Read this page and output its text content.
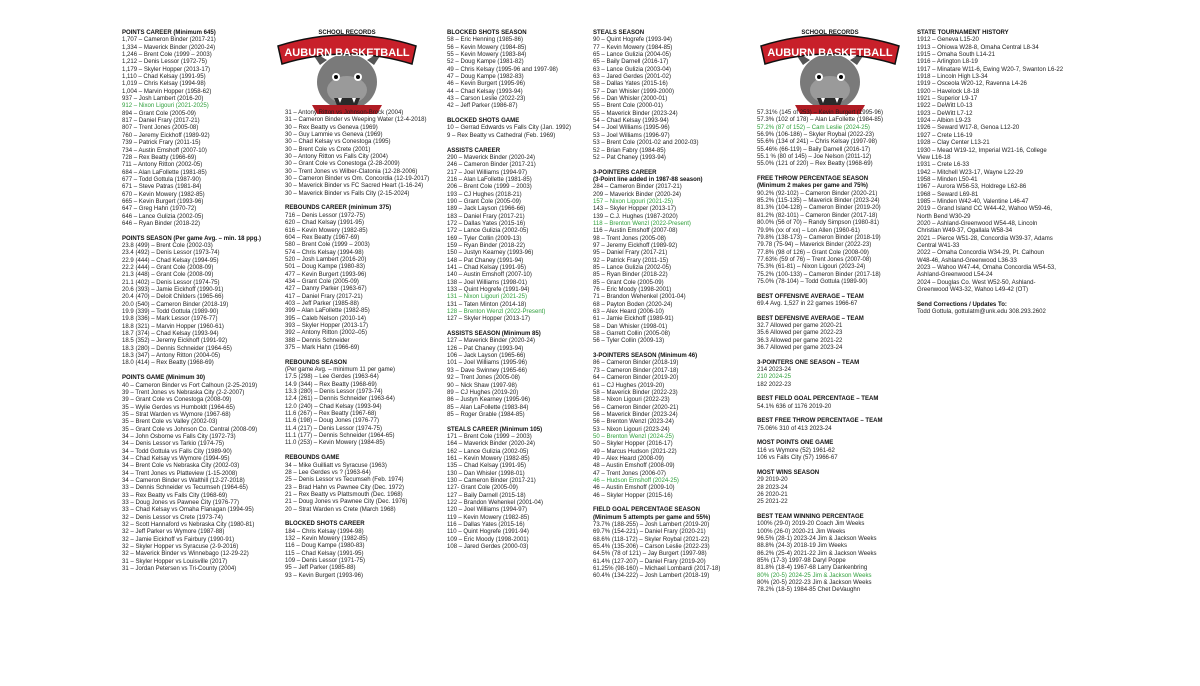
SCHOOL RECORDS
AUBURN BASKETBALL
SCHOOL RECORDS
AUBURN BASKETBALL
POINTS CAREER (Minimum 645)
1,707 – Cameron Binder (2017-21)
1,334 – Maverick Binder (2020-24)
1,246 – Brent Cole (1999 – 2003)
1,212 – Denis Lessor (1972-75)
1,179 – Skyler Hopper (2013-17)
1,110 – Chad Kelsay (1991-95)
1,019 – Chris Kelsay (1994-98)
1,004 – Marvin Hopper (1958-62)
937 – Josh Lambert (2016-20)
912 – Nixon Ligouri (2021-2025)
894 – Grant Cole (2005-09)
817 – Daniel Frary (2017-21)
807 – Trent Jones (2005-08)
760 – Jeremy Eickhoff (1989-92)
739 – Patrick Frary (2011-15)
734 – Austin Emshoff (2007-10)
728 – Rex Beatty (1966-69)
711 – Antony Ritton (2002-05)
684 – Alan LaFollette (1981-85)
677 – Todd Gottula (1987-90)
671 – Steve Patras (1981-84)
670 – Kevin Mowery (1982-85)
665 – Kevin Burgert (1993-96)
647 – Greg Hahn (1970-72)
646 – Lance Gulizia (2002-05)
646 – Ryan Binder (2018-22)
POINTS SEASON (Per game Avg. – min. 18 ppg.)
23.8 (499) – Brent Cole (2002-03)
23.4 (492) – Denis Lessor (1973-74)
22.9 (444) – Chad Kelsay (1994-95)
22.2 (444) – Grant Cole (2008-09)
21.3 (448) – Grant Cole (2008-09)
21.1 (402) – Denis Lessor (1974-75)
20.6 (393) – Jamie Eickhoff (1990-91)
20.4 (470) – Deloit Childers (1965-66)
20.0 (540) – Cameron Binder (2018-19)
19.9 (339) – Todd Gottula (1989-90)
19.8 (336) – Mark Lessor (1976-77)
18.8 (321) – Marvin Hopper (1960-61)
18.7 (374) – Chad Kelsay (1993-94)
18.5 (352) – Jeremy Eickhoff (1991-92)
18.3 (280) – Dennis Schneider (1964-65)
18.3 (347) – Antony Ritton (2004-05)
18.0 (414) – Rex Beatty (1968-69)
POINTS GAME (Minimum 30)
40 – Cameron Binder vs Fort Calhoun (2-25-2019)
39 – Trent Jones vs Nebraska City (2-2-2007)
39 – Grant Cole vs Conestoga (2008-09)
35 – Wylie Gerdes vs Humboldt (1964-65)
35 – Strat Warden vs Wymore (1967-68)
35 – Brent Cole vs Valley (2002-03)
35 – Grant Cole vs Johnson Co. Central (2008-09)
34 – John Osborne vs Falls City (1972-73)
34 – Denis Lessor vs Tarkio (1974-75)
34 – Todd Gottula vs Falls City (1989-90)
34 – Chad Kelsay vs Wymore (1994-95)
34 – Brent Cole vs Nebraska City (2002-03)
34 – Trent Jones vs Platteview (1-15-2008)
34 – Cameron Binder vs Walthill (12-27-2018)
33 – Dennis Schneider vs Tecumseh (1964-65)
33 – Rex Beatty vs Falls City (1968-69)
33 – Doug Jones vs Pawnee City (1976-77)
33 – Chad Kelsay vs Omaha Flanagan (1994-95)
32 – Denis Lessor vs Crete (1973-74)
32 – Scott Hannaford vs Nebraska City (1980-81)
32 – Jeff Parker vs Wymore (1987-88)
32 – Jamie Eickhoff vs Fairbury (1990-91)
32 – Skyler Hopper vs Syracuse (2-9-2016)
32 – Maverick Binder vs Winnebago (12-29-22)
31 – Skyler Hopper vs Louisville (2017)
31 – Jordan Petersen vs Tri-County (2004)
31 – Antony Ritton vs Johnson-Brock (2004)
31 – Cameron Binder vs Weeping Water (12-4-2018)
30 – Rex Beatty vs Geneva (1969)
30 – Guy Lammie vs Geneva (1969)
30 – Chad Kelsay vs Conestoga (1995)
30 – Brent Cole vs Crete (2001)
30 – Antony Ritton vs Falls City (2004)
30 – Grant Cole vs Conestoga (2-28-2009)
30 – Trent Jones vs Wilber-Clatonia (12-28-2006)
30 – Cameron Binder vs Om. Concordia (12-19-2017)
30 – Maverick Binder vs FC Sacred Heart (1-16-24)
30 – Maverick Binder vs Falls City (2-15-2024)
REBOUNDS CAREER (minimum 375)
716 – Denis Lessor (1972-75)
620 – Chad Kelsay (1991-95)
616 – Kevin Mowery (1982-85)
604 – Rex Beatty (1967-69)
580 – Brent Cole (1999 – 2003)
574 – Chris Kelsay (1994-98)
520 – Josh Lambert (2016-20)
501 – Doug Kampe (1980-83)
477 – Kevin Burgert (1993-96)
434 – Grant Cole (2005-09)
427 – Danny Parker (1963-67)
417 – Daniel Frary (2017-21)
403 – Jeff Parker (1985-88)
399 – Alan LaFollette (1982-85)
395 – Caleb Nelson (2010-14)
393 – Skyler Hopper (2013-17)
392 – Antony Ritton (2002–05)
388 – Dennis Schneider
375 – Mark Hahn (1966-69)
REBOUNDS SEASON
(Per game Avg. – minimum 11 per game)
17.5 (298) – Lee Gerdes (1963-64)
14.9 (344) – Rex Beatty (1968-69)
13.3 (280) – Denis Lessor (1973-74)
12.4 (261) – Dennis Schneider (1963-64)
12.0 (240) – Chad Kelsay (1993-94)
11.6 (267) – Rex Beatty (1967-68)
11.6 (198) – Doug Jones (1976-77)
11.4 (217) – Denis Lessor (1974-75)
11.1 (177) – Dennis Schneider (1964-65)
11.0 (253) – Kevin Mowery (1984-85)
REBOUNDS GAME
34 – Mike Guilliatt vs Syracuse (1963)
28 – Lee Gerdes vs ? (1963-64)
25 – Denis Lessor vs Tecumseh (Feb. 1974)
23 – Brad Hahn vs Pawnee City (Dec. 1972)
21 – Rex Beatty vs Plattsmouth (Dec. 1968)
21 – Doug Jones vs Pawnee City (Dec. 1976)
20 – Strat Warden vs Crete (March 1968)
BLOCKED SHOTS CAREER
184 – Chris Kelsay (1994-98)
132 – Kevin Mowery (1982-85)
116 – Doug Kampe (1980-83)
115 – Chad Kelsay (1991-95)
109 – Denis Lessor (1971-75)
95 – Jeff Parker (1985-88)
93 – Kevin Burgert (1993-96)
BLOCKED SHOTS SEASON
58 – Eric Henning (1985-86)
56 – Kevin Mowery (1984-85)
55 – Kevin Mowery (1983-84)
52 – Doug Kampe (1981-82)
49 – Chris Kelsay (1995-96 and 1997-98)
47 – Doug Kampe (1982-83)
46 – Kevin Burgert (1995-96)
44 – Chad Kelsay (1993-94)
43 – Carson Leslie (2022-23)
42 – Jeff Parker (1986-87)
BLOCKED SHOTS GAME
10 – Gerrad Edwards vs Falls City (Jan. 1992)
9 – Rex Beatty vs Cathedral (Feb. 1969)
ASSISTS CAREER
290 – Maverick Binder (2020-24)
246 – Cameron Binder (2017-21)
217 – Joel Williams (1994-97)
216 – Alan LaFollette (1981-85)
206 – Brent Cole (1999 – 2003)
193 – CJ Hughes (2018-21)
190 – Grant Cole (2005-09)
189 – Jack Layson (1966-66)
183 – Daniel Frary (2017-21)
172 – Dallas Yates (2015-16)
172 – Lance Gulizia (2002-05)
169 – Tyler Collin (2009-13)
159 – Ryan Binder (2018-22)
150 – Justyn Kearney (1993-96)
148 – Pat Chaney (1991-94)
141 – Chad Kelsay (1991-95)
140 – Austin Emshoff (2007-10)
138 – Joel Williams (1998-01)
133 – Quint Hogrefe (1991-94)
131 – Nixon Ligouri (2021-25)
131 – Taten Minton (2014-18)
128 – Brenton Wenzl (2022-Present)
127 – Skyler Hopper (2013-17)
ASSISTS SEASON (Minimum 85)
127 – Maverick Binder (2020-24)
126 – Pat Chaney (1993-94)
106 – Jack Layson (1965-66)
101 – Joel Williams (1995-96)
93 – Dave Swinney (1965-66)
92 – Trent Jones (2005-08)
90 – Nick Shaw (1997-98)
89 – CJ Hughes (2019-20)
86 – Justyn Kearney (1995-96)
85 – Alan LaFollette (1983-84)
85 – Roger Grable (1984-85)
STEALS CAREER (Minimum 105)
171 – Brent Cole (1999 – 2003)
164 – Maverick Binder (2020-24)
162 – Lance Gulizia (2002-05)
161 – Kevin Mowery (1982-85)
135 – Chad Kelsay (1991-95)
130 – Dan Whisler (1998-01)
130 – Cameron Binder (2017-21)
127- Grant Cole (2005-09)
127 – Baily Darnell (2015-18)
122 – Brandon Wehenkel (2001-04)
120 – Joel Williams (1994-97)
119 – Kevin Mowery (1982-85)
116 – Dallas Yates (2015-16)
110 – Quint Hogrefe (1991-94)
109 – Eric Moody (1998-2001)
108 – Jared Gerdes (2000-03)
STEALS SEASON
90 – Quint Hogrefe (1993-94)
77 – Kevin Mowery (1984-85)
65 – Lance Gulizia (2004-05)
65 – Baily Darnell (2016-17)
63 – Lance Gulizia (2003-04)
63 – Jared Gerdes (2001-02)
58 – Dallas Yates (2015-16)
57 – Dan Whisler (1999-2000)
56 – Dan Whisler (2000-01)
55 – Brent Cole (2000-01)
55 – Maverick Binder (2023-24)
54 – Chad Kelsay (1993-94)
54 – Joel Williams (1995-96)
53 – Joel Williams (1996-97)
53 – Brent Cole (2001-02 and 2002-03)
52 – Brian Fabry (1984-85)
52 – Pat Chaney (1993-94)
3-POINTERS CAREER
(3-Point line added in 1987-88 season)
284 – Cameron Binder (2017-21)
209 – Maverick Binder (2020-24)
157 – Nixon Ligouri (2021-25)
143 – Skyler Hopper (2013-17)
139 – C.J. Hughes (1987-2020)
118 – Brenton Wenzl (2022-Present)
116 – Austin Emshoff (2007-08)
98 – Trent Jones (2005-08)
97 – Jeremy Eickhoff (1989-92)
95 – Daniel Frary (2017-21)
92 – Patrick Frary (2011-15)
85 – Lance Gulizia (2002-05)
85 – Ryan Binder (2018-22)
85 – Grant Cole (2005-09)
76 – Eric Moody (1998-2001)
71 – Brandon Wehenkel (2001-04)
68 – Payton Boden (2020-24)
63 – Alex Heard (2006-10)
61 – Jamie Eickhoff (1989-91)
58 – Dan Whisler (1998-01)
58 – Garrett Collin (2005-08)
56 – Tyler Collin (2009-13)
3-POINTERS SEASON (Minimum 46)
86 – Cameron Binder (2018-19)
73 – Cameron Binder (2017-18)
64 – Cameron Binder (2019-20)
61 – CJ Hughes (2019-20)
58 – Maverick Binder (2022-23)
58 – Nixon Ligouri (2022-23)
56 – Cameron Binder (2020-21)
56 – Maverick Binder (2023-24)
56 – Brenton Wenzl (2023-24)
53 – Nixon Ligouri (2023-24)
50 – Brenton Wenzl (2024-25)
50 – Skyler Hopper (2016-17)
49 – Marcus Hudson (2021-22)
49 – Alex Heard (2008-09)
48 – Austin Emshoff (2008-09)
47 – Trent Jones (2006-07)
46 – Hudson Emshoff (2024-25)
46 – Austin Emshoff (2009-10)
46 – Skyler Hopper (2015-16)
FIELD GOAL PERCENTAGE SEASON
(Minimum 5 attempts per game and 55%)
73.7% (188-255) – Josh Lambert (2019-20)
69.7% (154-221) – Daniel Frary (2020-21)
68.6% (118-172) – Skyler Roybal (2021-22)
65.4% (135-206) – Carson Leslie (2022-23)
64.5% (78 of 121) – Jay Burgert (1997-98)
61.4% (127-207) – Daniel Frary (2019-20)
61.25% (98-160) – Michael Lombardi (2017-18)
60.4% (134-222) – Josh Lambert (2018-19)
57.31% (145 of 253) – Kevin Burgert (1995-96)
57.3% (102 of 178) – Alan LaFollette (1984-85)
57.2% (87 of 152) – Cam Leslie (2024-25)
56.9% (106-186) – Skyler Roybal (2022-23)
55.6% (134 of 241) – Chris Kelsay (1997-98)
55.46% (66-119) – Baily Darnell (2016-17)
55.1 % (80 of 145) – Joe Nelson (2011-12)
55.0% (121 of 220) – Rex Beatty (1968-69)
FREE THROW PERCENTAGE SEASON
(Minimum 2 makes per game and 75%)
90.2% (92-102) – Cameron Binder (2020-21)
85.2% (115-135) – Maverick Binder (2023-24)
81.3% (104-128) – Cameron Binder (2019-20)
81.2% (82-101) – Cameron Binder (2017-18)
80.0% (56 of 70) – Randy Simpson (1980-81)
79.9% (xx of xx) – Lon Allen (1960-61)
79.8% (138-173) – Cameron Binder (2018-19)
79.78 (75-94) – Maverick Binder (2022-23)
77.8% (98 of 126) – Grant Cole (2008-09)
77.63% (59 of 76) – Trent Jones (2007-08)
75.3% (61-81) – Nixon Ligouri (2023-24)
75.2% (100-133) – Cameron Binder (2017-18)
75.0% (78-104) – Todd Gottula (1989-90)
BEST OFFENSIVE AVERAGE – TEAM
69.4 Avg. 1,527 in 22 games 1966-67
BEST DEFENSIVE AVERAGE – TEAM
32.7 Allowed per game 2020-21
35.6 Allowed per game 2022-23
36.3 Allowed per game 2021-22
36.7 Allowed per game 2023-24
3-POINTERS ONE SEASON – TEAM
214 2023-24
210 2024-25
182 2022-23
BEST FIELD GOAL PERCENTAGE – TEAM
54.1% 636 of 1176 2019-20
BEST FREE THROW PERCENTAGE – TEAM
75.06% 310 of 413 2023-24
MOST POINTS ONE GAME
116 vs Wymore (52) 1961-62
106 vs Falls City (57) 1966-67
MOST WINS SEASON
29 2019-20
28 2023-24
26 2020-21
25 2021-22
BEST TEAM WINNING PERCENTAGE
100% (29-0) 2019-20 Coach Jim Weeks
100% (26-0) 2020-21 Jim Weeks
96.5% (28-1) 2023-24 Jim & Jackson Weeks
88.8% (24-3) 2018-19 Jim Weeks
86.2% (25-4) 2021-22 Jim & Jackson Weeks
85% (17-3) 1997-98 Daryl Poppe
81.8% (18-4) 1967-68 Larry Dankenbring
80% (20-5) 2024-25 Jim & Jackson Weeks
80% (20-5) 2022-23 Jim & Jackson Weeks
78.2% (18-5) 1984-85 Chet DeVaughn
STATE TOURNAMENT HISTORY
1912 – Geneva L15-20
1913 – Ohiowa W28-8, Omaha Central L8-34
1915 – Omaha South L14-21
1916 – Arlington L8-19
1917 – Minatare W11-6, Ewing W20-7, Swanton L6-22
1918 – Lincoln High L3-34
1919 – Osceola W20-12, Ravenna L4-26
1920 – Havelock L8-18
1921 – Superior L9-17
1922 – DeWitt L0-13
1923 – DeWitt L7-12
1924 – Albion L9-23
1926 – Seward W17-8, Genoa L12-20
1927 – Crete L16-19
1928 – Clay Center L13-21
1930 – Mead W19-12, Imperial W21-16, College
View L16-18
1931 – Crete L6-33
1942 – Mitchell W23-17, Wayne L22-29
1958 – Minden L50-41
1967 – Aurora W56-53, Holdrege L62-86
1968 – Seward L69-81
1985 – Minden W42-40, Valentine L46-47
2019 – Grand Island CC W44-42, Wahoo W59-46,
North Bend W30-29
2020 – Ashland-Greenwood W54-48, Lincoln
Christian W49-37, Ogallala W58-34
2021 – Pierce W51-28, Concordia W39-37, Adams
Central W41-33
2022 – Omaha Concordia W34-29, Pt. Calhoun
W48-46, Ashland-Greenwood L36-33
2023 – Wahoo W47-44, Omaha Concordia W54-53,
Ashland-Greenwood L54-24
2024 – Douglas Co. West W52-50, Ashland-
Greenwood W43-32, Wahoo L49-42 (OT)
Send Corrections / Updates To:
Todd Gottula, gottulatm@unk.edu 308.293.2602
